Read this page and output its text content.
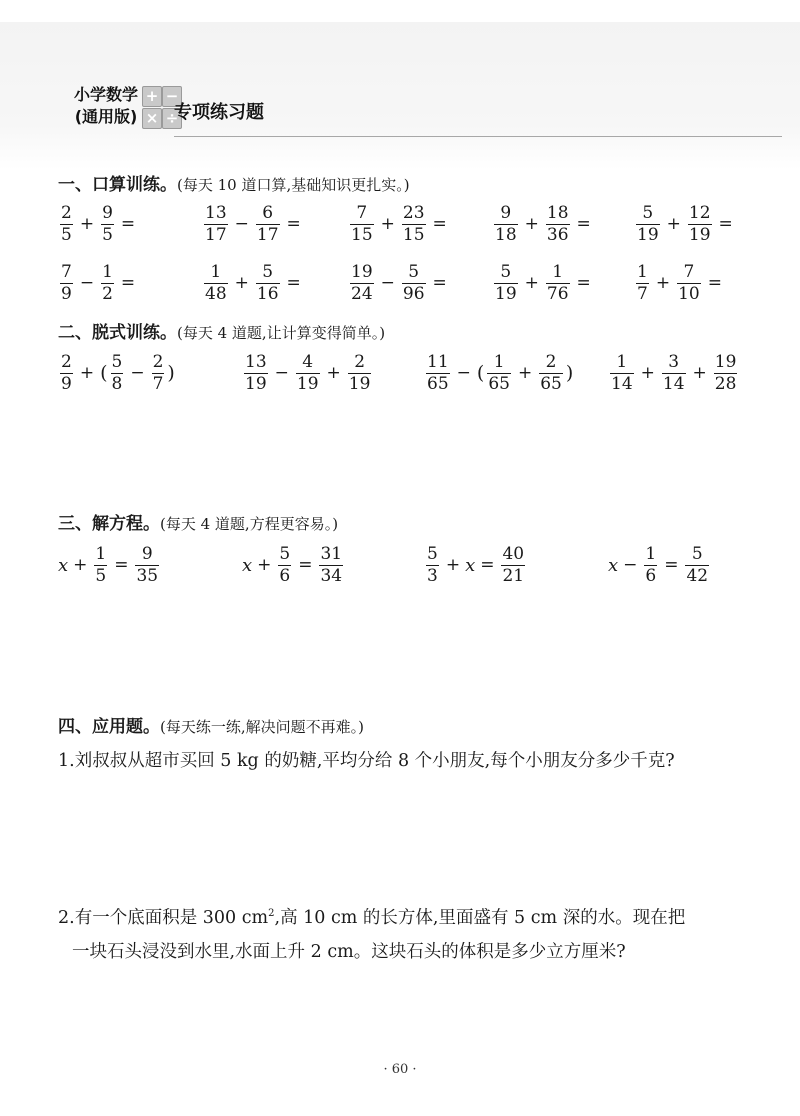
小学数学
(通用版)
+ −
× ÷
专项练习题
一、口算训练。(每天 10 道口算,基础知识更扎实。)
$\frac{2}{5} + \frac{9}{5}$ =	$\frac{13}{17} - \frac{6}{17}$ =	$\frac{7}{15} + \frac{23}{15}$ =	$\frac{9}{18} + \frac{18}{36}$ =	$\frac{5}{19} + \frac{12}{19}$ =
$\frac{7}{9} - \frac{1}{2}$ =	$\frac{1}{48} + \frac{5}{16}$ =	$\frac{19}{24} - \frac{5}{96}$ =	$\frac{5}{19} + \frac{1}{76}$ =	$\frac{1}{7} + \frac{7}{10}$ =
二、脱式训练。(每天 4 道题,让计算变得简单。)
$\frac{2}{9}$ + ( $\frac{5}{8} - \frac{2}{7}$ )	$\frac{13}{19} - \frac{4}{19} + \frac{2}{19}$	$\frac{11}{65}$ − ( $\frac{1}{65} + \frac{2}{65}$ ) $\frac{1}{14} + \frac{3}{14} + \frac{19}{28}$
三、解方程。(每天 4 道题,方程更容易。)
$x + \frac{1}{5} = \frac{9}{35}$	$x + \frac{5}{6} = \frac{31}{34}$	$\frac{5}{3} + x = \frac{40}{21}$	$x - \frac{1}{6} = \frac{5}{42}$
四、应用题。(每天练一练,解决问题不再难。)
1.刘叔叔从超市买回 5 kg 的奶糖,平均分给 8 个小朋友,每个小朋友分多少千克?
2.有一个底面积是 300 $cm^2$,高 10 cm 的长方体,里面盛有 5 cm 深的水。现在把
一块石头浸没到水里,水面上升 2 cm。这块石头的体积是多少立方厘米?
· 60 ·
